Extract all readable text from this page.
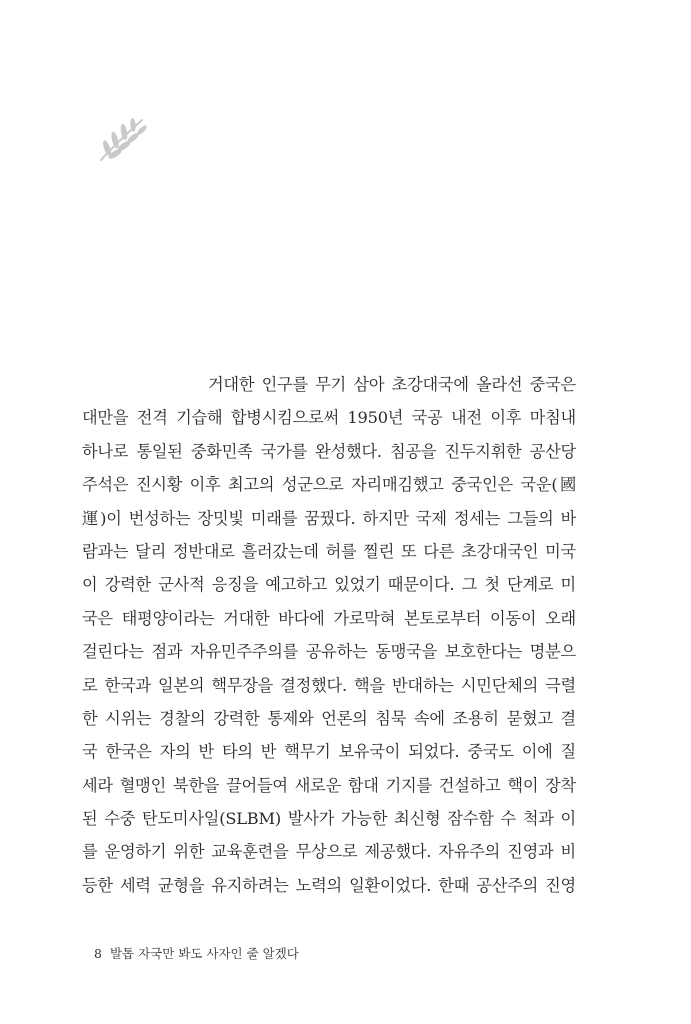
거대한 인구를 무기 삼아 초강대국에 올라선 중국은
대만을 전격 기습해 합병시킴으로써 1950년 국공 내전 이후 마침내
하나로 통일된 중화민족 국가를 완성했다. 침공을 진두지휘한 공산당
주석은 진시황 이후 최고의 성군으로 자리매김했고 중국인은 국운(國
運)이 번성하는 장밋빛 미래를 꿈꿨다. 하지만 국제 정세는 그들의 바
람과는 달리 정반대로 흘러갔는데 허를 찔린 또 다른 초강대국인 미국
이 강력한 군사적 응징을 예고하고 있었기 때문이다. 그 첫 단계로 미
국은 태평양이라는 거대한 바다에 가로막혀 본토로부터 이동이 오래
걸린다는 점과 자유민주주의를 공유하는 동맹국을 보호한다는 명분으
로 한국과 일본의 핵무장을 결정했다. 핵을 반대하는 시민단체의 극렬
한 시위는 경찰의 강력한 통제와 언론의 침묵 속에 조용히 묻혔고 결
국 한국은 자의 반 타의 반 핵무기 보유국이 되었다. 중국도 이에 질
세라 혈맹인 북한을 끌어들여 새로운 함대 기지를 건설하고 핵이 장착
된 수중 탄도미사일(SLBM) 발사가 가능한 최신형 잠수함 수 척과 이
를 운영하기 위한 교육훈련을 무상으로 제공했다. 자유주의 진영과 비
등한 세력 균형을 유지하려는 노력의 일환이었다. 한때 공산주의 진영
8 발톱 자국만 봐도 사자인 줄 알겠다
